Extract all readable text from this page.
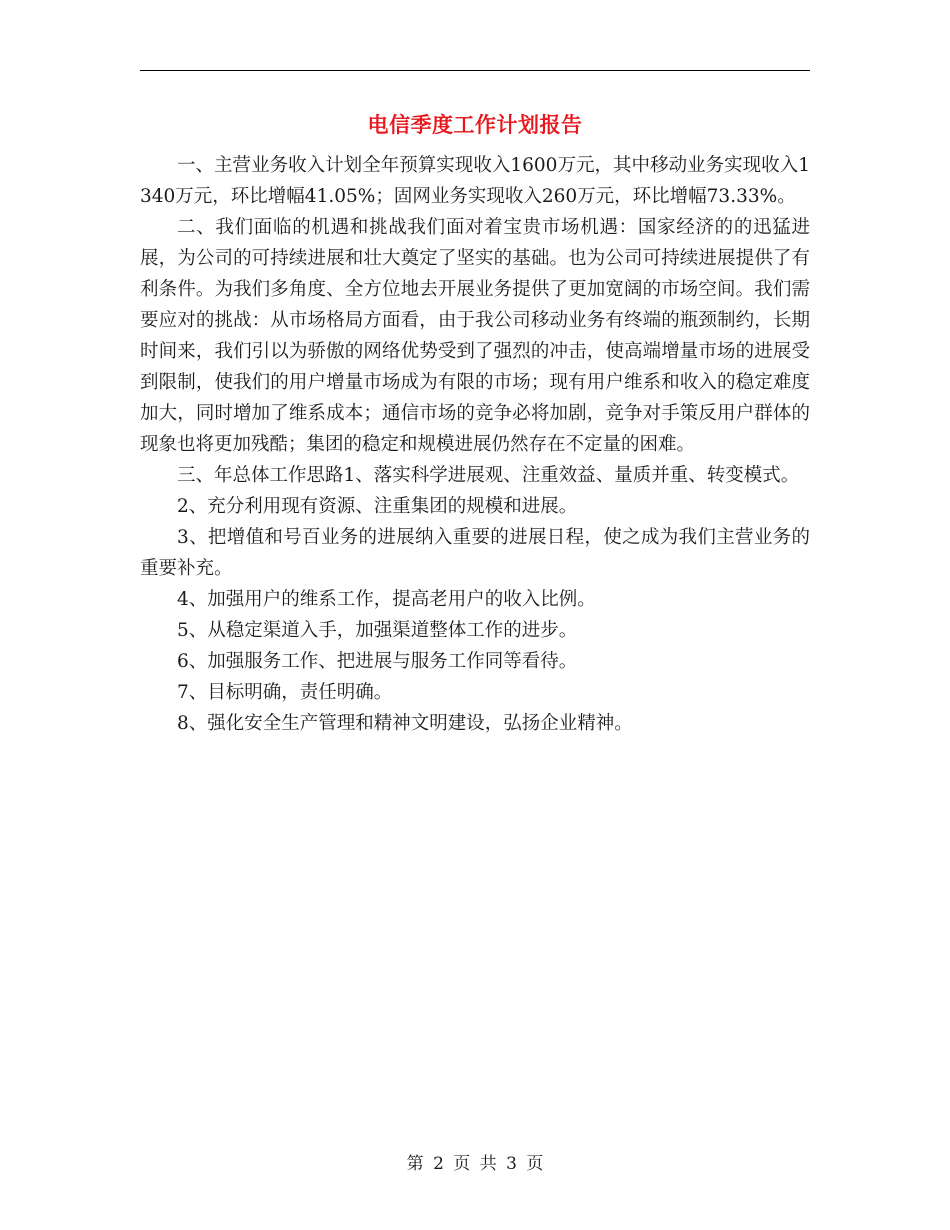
电信季度工作计划报告

一、主营业务收入计划全年预算实现收入1600万元，其中移动业务实现收入1340万元，环比增幅41.05%；固网业务实现收入260万元，环比增幅73.33%。

二、我们面临的机遇和挑战我们面对着宝贵市场机遇：国家经济的的迅猛进展，为公司的可持续进展和壮大奠定了坚实的基础。也为公司可持续进展提供了有利条件。为我们多角度、全方位地去开展业务提供了更加宽阔的市场空间。我们需要应对的挑战：从市场格局方面看，由于我公司移动业务有终端的瓶颈制约，长期时间来，我们引以为骄傲的网络优势受到了强烈的冲击，使高端增量市场的进展受到限制，使我们的用户增量市场成为有限的市场；现有用户维系和收入的稳定难度加大，同时增加了维系成本；通信市场的竞争必将加剧，竞争对手策反用户群体的现象也将更加残酷；集团的稳定和规模进展仍然存在不定量的困难。

三、年总体工作思路1、落实科学进展观、注重效益、量质并重、转变模式。

2、充分利用现有资源、注重集团的规模和进展。

3、把增值和号百业务的进展纳入重要的进展日程，使之成为我们主营业务的重要补充。

4、加强用户的维系工作，提高老用户的收入比例。

5、从稳定渠道入手，加强渠道整体工作的进步。

6、加强服务工作、把进展与服务工作同等看待。

7、目标明确，责任明确。

8、强化安全生产管理和精神文明建设，弘扬企业精神。

第 2 页 共 3 页
